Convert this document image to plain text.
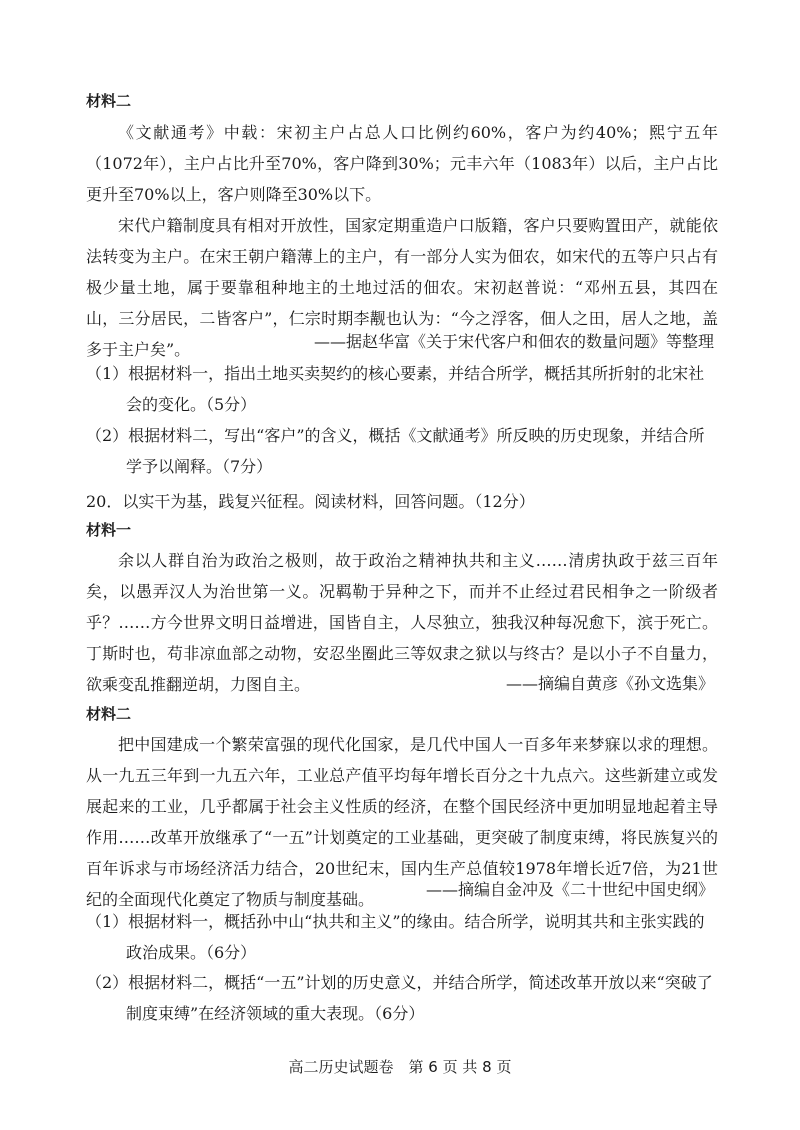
材料二
《文献通考》中载：宋初主户占总人口比例约60%，客户为约40%；熙宁五年（1072年），主户占比升至70%，客户降到30%；元丰六年（1083年）以后，主户占比更升至70%以上，客户则降至30%以下。
宋代户籍制度具有相对开放性，国家定期重造户口版籍，客户只要购置田产，就能依法转变为主户。在宋王朝户籍薄上的主户，有一部分人实为佃农，如宋代的五等户只占有极少量土地，属于要靠租种地主的土地过活的佃农。宋初赵普说：“邓州五县，其四在山，三分居民，二皆客户”，仁宗时期李觏也认为：“今之浮客，佃人之田，居人之地，盖多于主户矣”。	——据赵华富《关于宋代客户和佃农的数量问题》等整理
（1）根据材料一，指出土地买卖契约的核心要素，并结合所学，概括其所折射的北宋社会的变化。（5分）
（2）根据材料二，写出“客户”的含义，概括《文献通考》所反映的历史现象，并结合所学予以阐释。（7分）
20．以实干为基，践复兴征程。阅读材料，回答问题。（12分）
材料一
余以人群自治为政治之极则，故于政治之精神执共和主义……清虏执政于兹三百年矣，以愚弄汉人为治世第一义。况羁勒于异种之下，而并不止经过君民相争之一阶级者乎？……方今世界文明日益增进，国皆自主，人尽独立，独我汉种每况愈下，滨于死亡。丁斯时也，苟非凉血部之动物，安忍坐圈此三等奴隶之狱以与终古？是以小子不自量力，欲乘变乱推翻逆胡，力图自主。	——摘编自黄彦《孙文选集》
材料二
把中国建成一个繁荣富强的现代化国家，是几代中国人一百多年来梦寐以求的理想。从一九五三年到一九五六年，工业总产值平均每年增长百分之十九点六。这些新建立或发展起来的工业，几乎都属于社会主义性质的经济，在整个国民经济中更加明显地起着主导作用……改革开放继承了“一五”计划奠定的工业基础，更突破了制度束缚，将民族复兴的百年诉求与市场经济活力结合，20世纪末，国内生产总值较1978年增长近7倍，为21世纪的全面现代化奠定了物质与制度基础。
——摘编自金冲及《二十世纪中国史纲》
（1）根据材料一，概括孙中山“执共和主义”的缘由。结合所学，说明其共和主张实践的政治成果。（6分）
（2）根据材料二，概括“一五”计划的历史意义，并结合所学，简述改革开放以来“突破了制度束缚”在经济领域的重大表现。（6分）
高二历史试题卷　第 6 页 共 8 页
